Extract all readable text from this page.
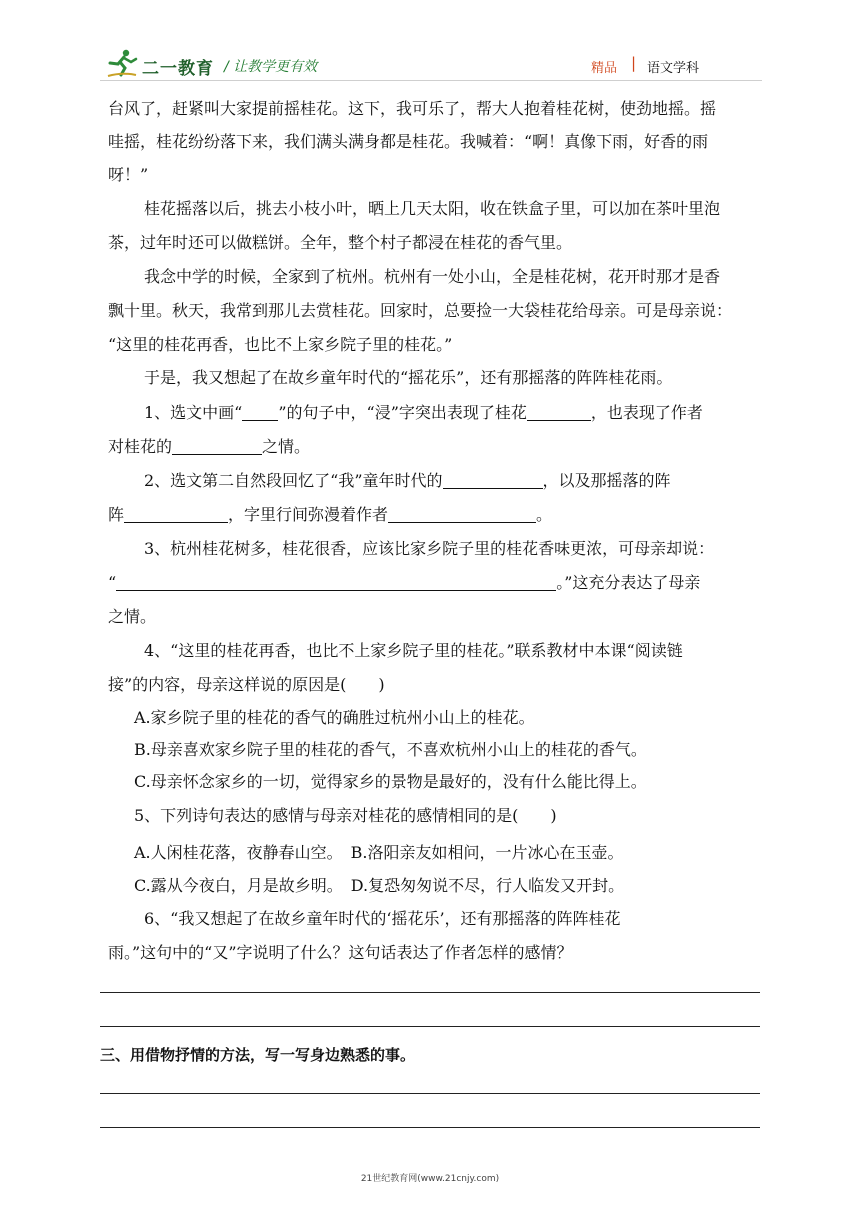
二一教育 / 让教学更有效	精品 | 语文学科
台风了，赶紧叫大家提前摇桂花。这下，我可乐了，帮大人抱着桂花树，使劲地摇。摇
哇摇，桂花纷纷落下来，我们满头满身都是桂花。我喊着：“啊！真像下雨，好香的雨
呀！”
桂花摇落以后，挑去小枝小叶，晒上几天太阳，收在铁盒子里，可以加在茶叶里泡
茶，过年时还可以做糕饼。全年，整个村子都浸在桂花的香气里。
我念中学的时候，全家到了杭州。杭州有一处小山，全是桂花树，花开时那才是香
飘十里。秋天，我常到那儿去赏桂花。回家时，总要捡一大袋桂花给母亲。可是母亲说：
“这里的桂花再香，也比不上家乡院子里的桂花。”
于是，我又想起了在故乡童年时代的“摇花乐”，还有那摇落的阵阵桂花雨。
1、选文中画“ ”的句子中，“浸”字突出表现了桂花	，也表现了作者
对桂花的	之情。
2、选文第二自然段回忆了“我”童年时代的	，以及那摇落的阵
阵	，字里行间弥漫着作者	。
3、杭州桂花树多，桂花很香，应该比家乡院子里的桂花香味更浓，可母亲却说：
“	。”这充分表达了母亲
之情。
4、“这里的桂花再香，也比不上家乡院子里的桂花。”联系教材中本课“阅读链
接”的内容，母亲这样说的原因是(　　)
A.家乡院子里的桂花的香气的确胜过杭州小山上的桂花。
B.母亲喜欢家乡院子里的桂花的香气，不喜欢杭州小山上的桂花的香气。
C.母亲怀念家乡的一切，觉得家乡的景物是最好的，没有什么能比得上。
5、下列诗句表达的感情与母亲对桂花的感情相同的是(　　)
A.人闲桂花落，夜静春山空。　B.洛阳亲友如相问，一片冰心在玉壶。
C.露从今夜白，月是故乡明。　D.复恐匆匆说不尽，行人临发又开封。
6、“我又想起了在故乡童年时代的‘摇花乐’，还有那摇落的阵阵桂花
雨。”这句中的“又”字说明了什么？这句话表达了作者怎样的感情？
三、用借物抒情的方法，写一写身边熟悉的事。
21世纪教育网(www.21cnjy.com)
